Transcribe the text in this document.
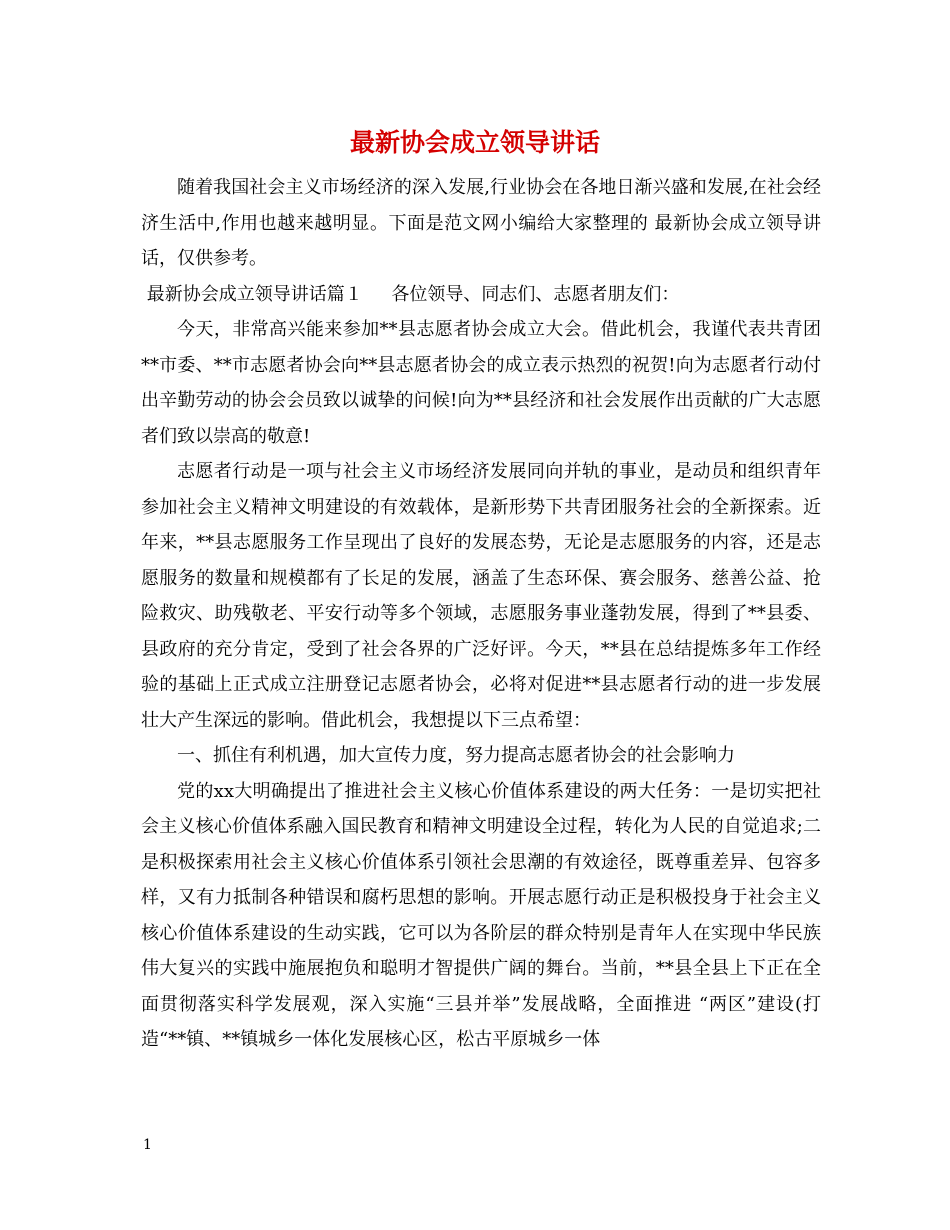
最新协会成立领导讲话

随着我国社会主义市场经济的深入发展,行业协会在各地日渐兴盛和发展,在社会经济生活中,作用也越来越明显。下面是范文网小编给大家整理的 最新协会成立领导讲话，仅供参考。

最新协会成立领导讲话篇１     各位领导、同志们、志愿者朋友们：

今天，非常高兴能来参加**县志愿者协会成立大会。借此机会，我谨代表共青团**市委、**市志愿者协会向**县志愿者协会的成立表示热烈的祝贺!向为志愿者行动付出辛勤劳动的协会会员致以诚挚的问候!向为**县经济和社会发展作出贡献的广大志愿者们致以崇高的敬意!

志愿者行动是一项与社会主义市场经济发展同向并轨的事业，是动员和组织青年参加社会主义精神文明建设的有效载体，是新形势下共青团服务社会的全新探索。近年来，**县志愿服务工作呈现出了良好的发展态势，无论是志愿服务的内容，还是志愿服务的数量和规模都有了长足的发展，涵盖了生态环保、赛会服务、慈善公益、抢险救灾、助残敬老、平安行动等多个领域，志愿服务事业蓬勃发展，得到了**县委、县政府的充分肯定，受到了社会各界的广泛好评。今天，**县在总结提炼多年工作经验的基础上正式成立注册登记志愿者协会，必将对促进**县志愿者行动的进一步发展壮大产生深远的影响。借此机会，我想提以下三点希望：

一、抓住有利机遇，加大宣传力度，努力提高志愿者协会的社会影响力

党的xx大明确提出了推进社会主义核心价值体系建设的两大任务：一是切实把社会主义核心价值体系融入国民教育和精神文明建设全过程，转化为人民的自觉追求;二是积极探索用社会主义核心价值体系引领社会思潮的有效途径，既尊重差异、包容多样，又有力抵制各种错误和腐朽思想的影响。开展志愿行动正是积极投身于社会主义核心价值体系建设的生动实践，它可以为各阶层的群众特别是青年人在实现中华民族伟大复兴的实践中施展抱负和聪明才智提供广阔的舞台。当前，**县全县上下正在全面贯彻落实科学发展观，深入实施“三县并举”发展战略，全面推进 “两区”建设(打造“**镇、**镇城乡一体化发展核心区，松古平原城乡一体

1
